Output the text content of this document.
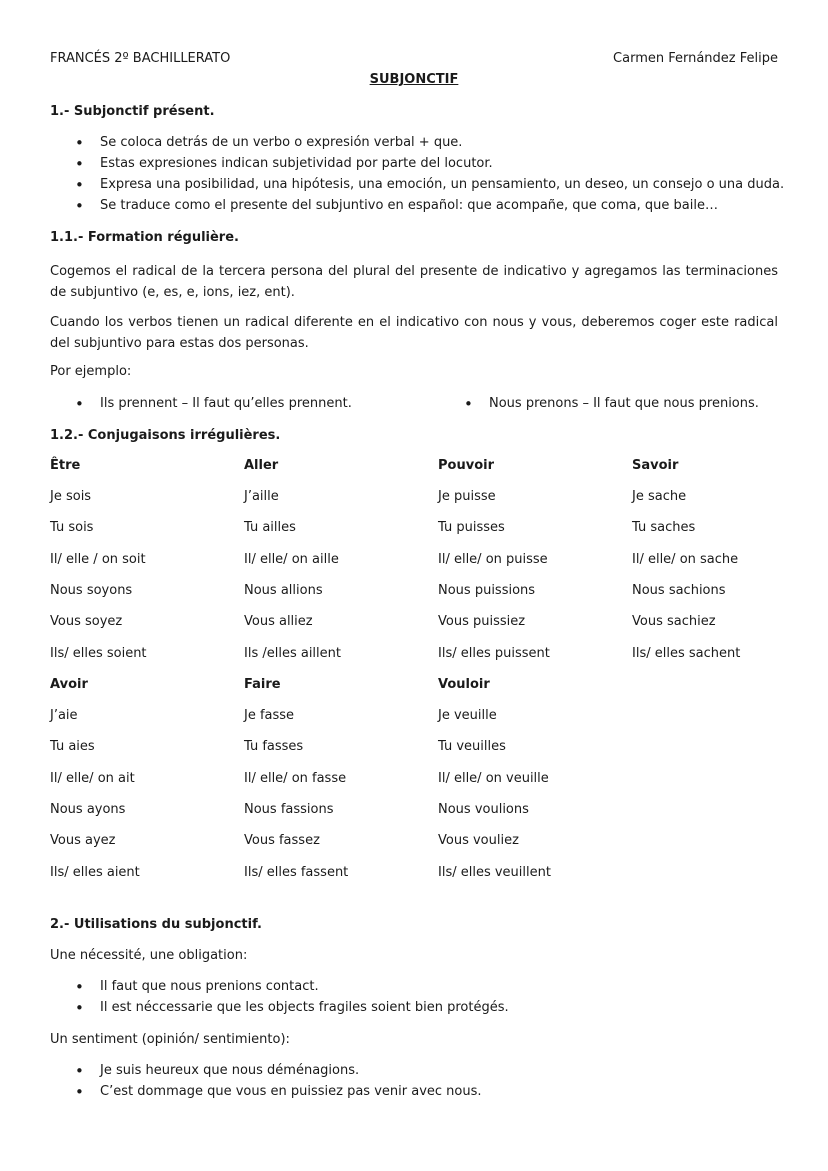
FRANCÉS 2º BACHILLERATO	Carmen Fernández Felipe
SUBJONCTIF
1.- Subjonctif présent.
• Se coloca detrás de un verbo o expresión verbal + que.
• Estas expresiones indican subjetividad por parte del locutor.
• Expresa una posibilidad, una hipótesis, una emoción, un pensamiento, un deseo, un consejo o una duda.
• Se traduce como el presente del subjuntivo en español: que acompañe, que coma, que baile…
1.1.- Formation régulière.
Cogemos el radical de la tercera persona del plural del presente de indicativo y agregamos las terminaciones de subjuntivo (e, es, e, ions, iez, ent).
Cuando los verbos tienen un radical diferente en el indicativo con nous y vous, deberemos coger este radical del subjuntivo para estas dos personas.
Por ejemplo:
• Ils prennent – Il faut qu’elles prennent.
•	Nous prenons – Il faut que nous prenions.
1.2.- Conjugaisons irrégulières.
Être
Je sois
Tu sois
Il/ elle / on soit
Nous soyons
Vous soyez
Ils/ elles soient
Aller
J’aille
Tu ailles
Il/ elle/ on aille
Nous allions
Vous alliez
Ils /elles aillent
Pouvoir
Je puisse
Tu puisses
Il/ elle/ on puisse
Nous puissions
Vous puissiez
Ils/ elles puissent
Savoir
Je sache
Tu saches
Il/ elle/ on sache
Nous sachions
Vous sachiez
Ils/ elles sachent
Avoir
J’aie
Tu aies
Il/ elle/ on ait
Nous ayons
Vous ayez
Ils/ elles aient
Faire
Je fasse
Tu fasses
Il/ elle/ on fasse
Nous fassions
Vous fassez
Ils/ elles fassent
Vouloir
Je veuille
Tu veuilles
Il/ elle/ on veuille
Nous voulions
Vous vouliez
Ils/ elles veuillent
2.- Utilisations du subjonctif.
Une nécessité, une obligation:
• Il faut que nous prenions contact.
• Il est néccessarie que les objects fragiles soient bien protégés.
Un sentiment (opinión/ sentimiento):
• Je suis heureux que nous déménagions.
• C’est dommage que vous en puissiez pas venir avec nous.
